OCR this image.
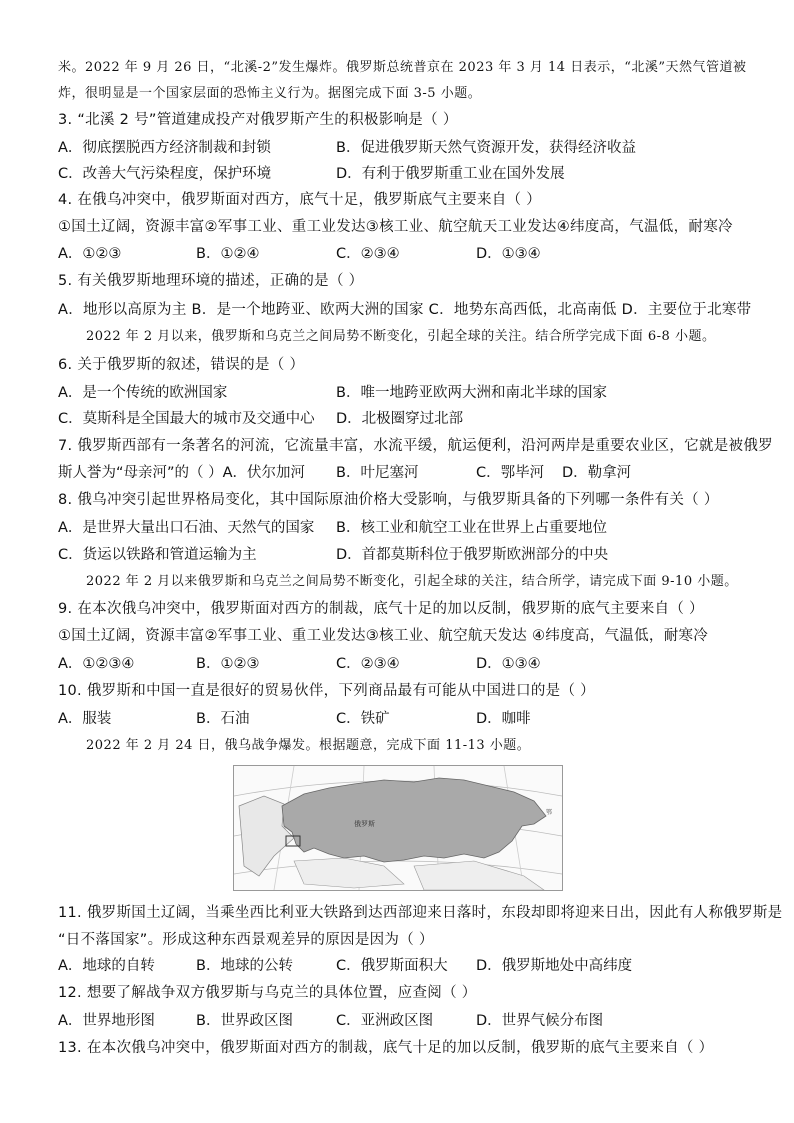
米。2022 年 9 月 26 日，“北溪-2”发生爆炸。俄罗斯总统普京在 2023 年 3 月 14 日表示，“北溪”天然气管道被
炸，很明显是一个国家层面的恐怖主义行为。据图完成下面 3-5 小题。
3. “北溪 2 号”管道建成投产对俄罗斯产生的积极影响是（ ）
A．彻底摆脱西方经济制裁和封锁	B．促进俄罗斯天然气资源开发，获得经济收益
C．改善大气污染程度，保护环境	D．有利于俄罗斯重工业在国外发展
4. 在俄乌冲突中，俄罗斯面对西方，底气十足，俄罗斯底气主要来自（ ）
①国土辽阔，资源丰富②军事工业、重工业发达③核工业、航空航天工业发达④纬度高，气温低，耐寒冷
A．①②③	B．①②④	C．②③④	D．①③④
5. 有关俄罗斯地理环境的描述，正确的是（ ）
A．地形以高原为主 B．是一个地跨亚、欧两大洲的国家 C．地势东高西低，北高南低 D．主要位于北寒带
2022 年 2 月以来，俄罗斯和乌克兰之间局势不断变化，引起全球的关注。结合所学完成下面 6-8 小题。
6. 关于俄罗斯的叙述，错误的是（ ）
A．是一个传统的欧洲国家	B．唯一地跨亚欧两大洲和南北半球的国家
C．莫斯科是全国最大的城市及交通中心 D．北极圈穿过北部
7. 俄罗斯西部有一条著名的河流，它流量丰富，水流平缓，航运便利，沿河两岸是重要农业区，它就是被俄罗
斯人誉为“母亲河”的（ ）A．伏尔加河 B．叶尼塞河	C．鄂毕河 D．勒拿河
8. 俄乌冲突引起世界格局变化，其中国际原油价格大受影响，与俄罗斯具备的下列哪一条件有关（ ）
A．是世界大量出口石油、天然气的国家 B．核工业和航空工业在世界上占重要地位
C．货运以铁路和管道运输为主	D．首都莫斯科位于俄罗斯欧洲部分的中央
2022 年 2 月以来俄罗斯和乌克兰之间局势不断变化，引起全球的关注，结合所学，请完成下面 9-10 小题。
9. 在本次俄乌冲突中，俄罗斯面对西方的制裁，底气十足的加以反制，俄罗斯的底气主要来自（ ）
①国土辽阔，资源丰富②军事工业、重工业发达③核工业、航空航天发达 ④纬度高，气温低，耐寒冷
A．①②③④	B．①②③	C．②③④	D．①③④
10. 俄罗斯和中国一直是很好的贸易伙伴，下列商品最有可能从中国进口的是（ ）
A．服装	B．石油	C．铁矿	D．咖啡
2022 年 2 月 24 日，俄乌战争爆发。根据题意，完成下面 11-13 小题。
俄罗斯
鄂
11. 俄罗斯国土辽阔，当乘坐西比利亚大铁路到达西部迎来日落时，东段却即将迎来日出，因此有人称俄罗斯是
“日不落国家”。形成这种东西景观差异的原因是因为（ ）
A．地球的自转	B．地球的公转	C．俄罗斯面积大 D．俄罗斯地处中高纬度
12. 想要了解战争双方俄罗斯与乌克兰的具体位置，应查阅（ ）
A．世界地形图	B．世界政区图	C．亚洲政区图	D．世界气候分布图
13. 在本次俄乌冲突中，俄罗斯面对西方的制裁，底气十足的加以反制，俄罗斯的底气主要来自（ ）
